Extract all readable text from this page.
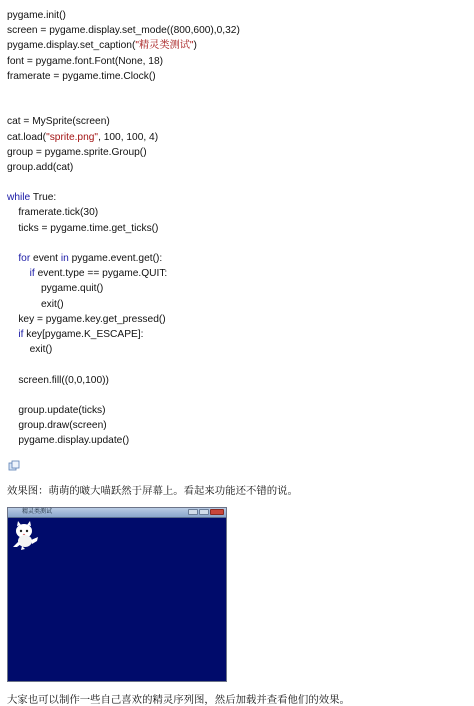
pygame.init()
screen = pygame.display.set_mode((800,600),0,32)
pygame.display.set_caption("精灵类测试")
font = pygame.font.Font(None, 18)
framerate = pygame.time.Clock()

cat = MySprite(screen)
cat.load("sprite.png", 100, 100, 4)
group = pygame.sprite.Group()
group.add(cat)

while True:
framerate.tick(30)
ticks = pygame.time.get_ticks()

for event in pygame.event.get():
if event.type == pygame.QUIT:
pygame.quit()
exit()
key = pygame.key.get_pressed()
if key[pygame.K_ESCAPE]:
exit()

screen.fill((0,0,100))

group.update(ticks)
group.draw(screen)
pygame.display.update()
效果图：萌萌的啵大喵跃然于屏幕上。看起来功能还不错的说。
精灵类测试
大家也可以制作一些自己喜欢的精灵序列图，然后加载并查看他们的效果。
